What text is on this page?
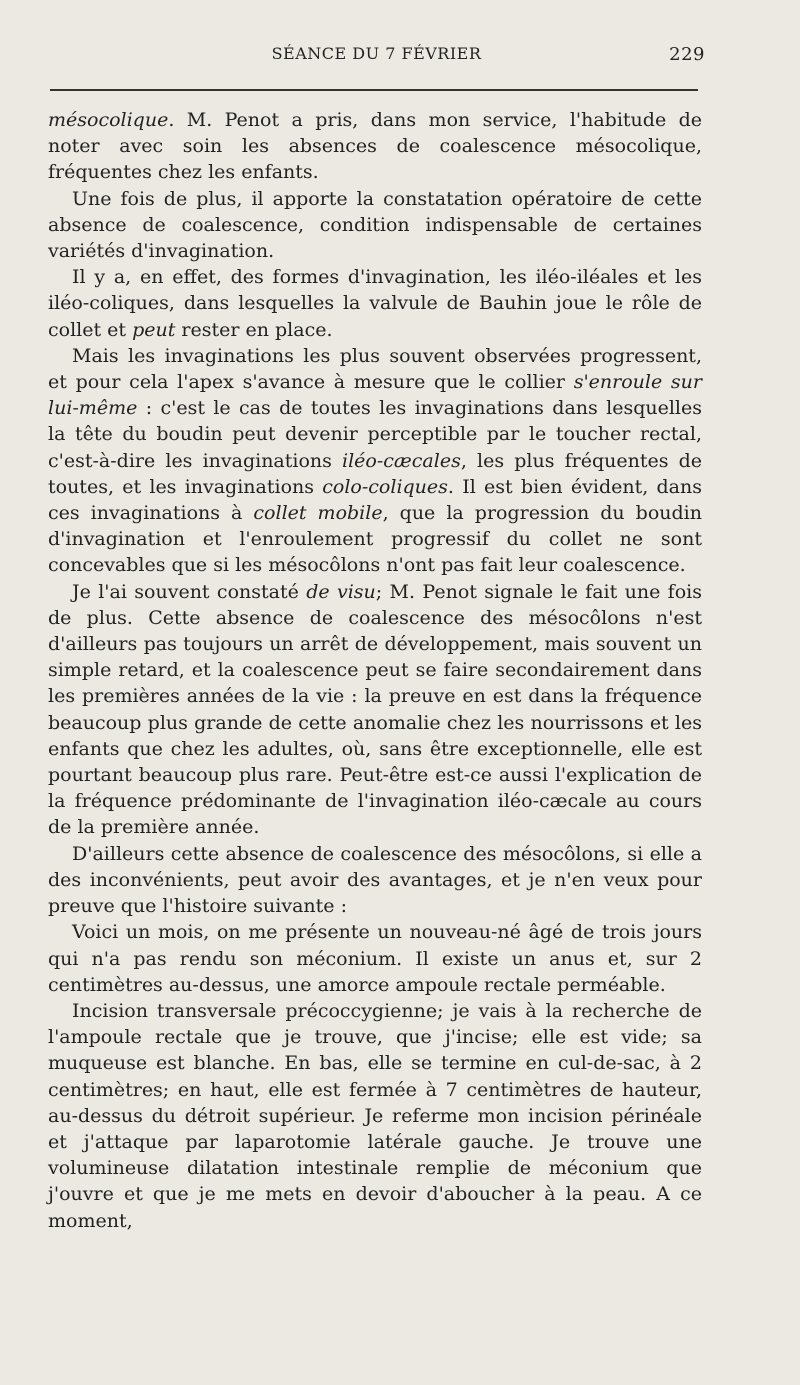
SÉANCE DU 7 FÉVRIER	229

mésocolique. M. Penot a pris, dans mon service, l'habitude de noter avec soin les absences de coalescence mésocolique, fréquentes chez les enfants.

Une fois de plus, il apporte la constatation opératoire de cette absence de coalescence, condition indispensable de certaines variétés d'invagination.

Il y a, en effet, des formes d'invagination, les iléo-iléales et les iléo-coliques, dans lesquelles la valvule de Bauhin joue le rôle de collet et peut rester en place.

Mais les invaginations les plus souvent observées progressent, et pour cela l'apex s'avance à mesure que le collier s'enroule sur lui-même : c'est le cas de toutes les invaginations dans lesquelles la tête du boudin peut devenir perceptible par le toucher rectal, c'est-à-dire les invaginations iléo-cæcales, les plus fréquentes de toutes, et les invaginations colo-coliques. Il est bien évident, dans ces invaginations à collet mobile, que la progression du boudin d'invagination et l'enroulement progressif du collet ne sont concevables que si les mésocôlons n'ont pas fait leur coalescence.

Je l'ai souvent constaté de visu; M. Penot signale le fait une fois de plus. Cette absence de coalescence des mésocôlons n'est d'ailleurs pas toujours un arrêt de développement, mais souvent un simple retard, et la coalescence peut se faire secondairement dans les premières années de la vie : la preuve en est dans la fréquence beaucoup plus grande de cette anomalie chez les nourrissons et les enfants que chez les adultes, où, sans être exceptionnelle, elle est pourtant beaucoup plus rare. Peut-être est-ce aussi l'explication de la fréquence prédominante de l'invagination iléo-cæcale au cours de la première année.

D'ailleurs cette absence de coalescence des mésocôlons, si elle a des inconvénients, peut avoir des avantages, et je n'en veux pour preuve que l'histoire suivante :

Voici un mois, on me présente un nouveau-né âgé de trois jours qui n'a pas rendu son méconium. Il existe un anus et, sur 2 centimètres au-dessus, une amorce ampoule rectale perméable.

Incision transversale précoccygienne; je vais à la recherche de l'ampoule rectale que je trouve, que j'incise; elle est vide; sa muqueuse est blanche. En bas, elle se termine en cul-de-sac, à 2 centimètres; en haut, elle est fermée à 7 centimètres de hauteur, au-dessus du détroit supérieur. Je referme mon incision périnéale et j'attaque par laparotomie latérale gauche. Je trouve une volumineuse dilatation intestinale remplie de méconium que j'ouvre et que je me mets en devoir d'aboucher à la peau. A ce moment,
